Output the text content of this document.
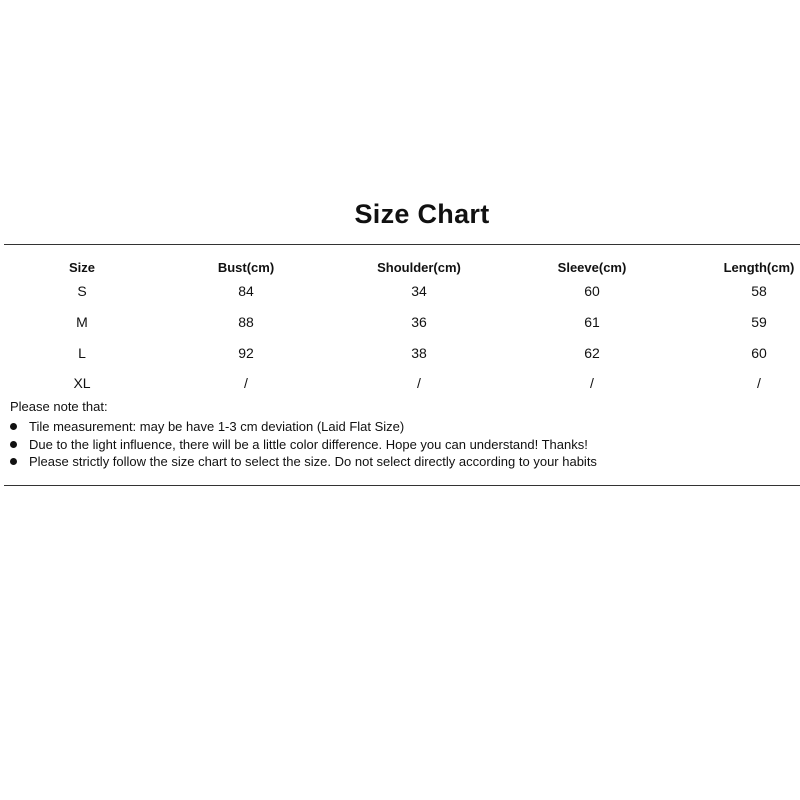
Size Chart
Size	Bust(cm)	Shoulder(cm)	Sleeve(cm)	Length(cm)
S	84	34	60	58
M	88	36	61	59
L	92	38	62	60
XL	/	/	/	/
Please note that:
Tile measurement: may be have 1-3 cm deviation (Laid Flat Size)
Due to the light influence, there will be a little color difference. Hope you can understand! Thanks!
Please strictly follow the size chart to select the size. Do not select directly according to your habits
